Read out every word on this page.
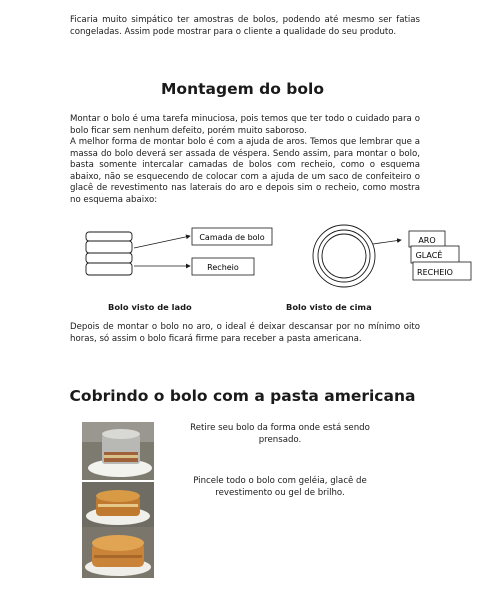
Ficaria muito simpático ter amostras de bolos, podendo até mesmo ser fatias congeladas. Assim pode mostrar para o cliente a qualidade do seu produto.

Montagem do bolo
Montar o bolo é uma tarefa minuciosa, pois temos que ter todo o cuidado para o bolo ficar sem nenhum defeito, porém muito saboroso.
A melhor forma de montar bolo é com a ajuda de aros. Temos que lembrar que a massa do bolo deverá ser assada de véspera. Sendo assim, para montar o bolo, basta somente intercalar camadas de bolos com recheio, como o esquema abaixo, não se esquecendo de colocar com a ajuda de um saco de confeiteiro o glacê de revestimento nas laterais do aro e depois sim o recheio, como mostra no esquema abaixo:
Camada de bolo
Recheio
ARO
GLACÊ
RECHEIO
Bolo visto de lado	Bolo visto de cima

Depois de montar o bolo no aro, o ideal é deixar descansar por no mínimo oito horas, só assim o bolo ficará firme para receber a pasta americana.

Cobrindo o bolo com a pasta americana

Retire seu bolo da forma onde está sendo prensado.

Pincele todo o bolo com geléia, glacê de revestimento ou gel de brilho.
